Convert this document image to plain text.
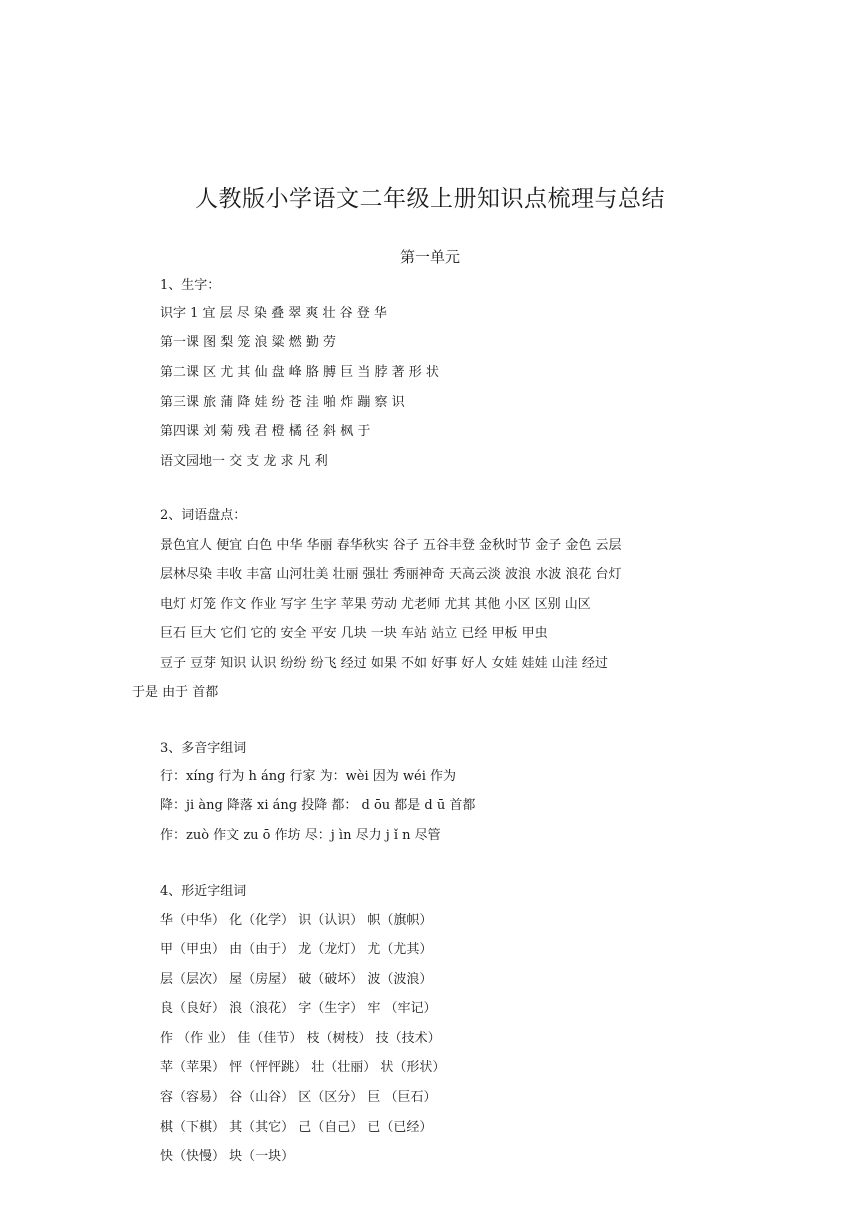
人教版小学语文二年级上册知识点梳理与总结
第一单元
1、生字：
识字 1 宜 层 尽 染 叠 翠 爽 壮 谷 登 华
第一课 图 梨 笼 浪 粱 燃 勤 劳
第二课 区 尤 其 仙 盘 峰 胳 膊 巨 当 脖 著 形 状
第三课 旅 蒲 降 娃 纷 苍 洼 啪 炸 蹦 察 识
第四课 刘 菊 残 君 橙 橘 径 斜 枫 于
语文园地一 交 支 龙 求 凡 利
2、词语盘点：
景色宜人 便宜 白色 中华 华丽 春华秋实 谷子 五谷丰登 金秋时节 金子 金色 云层
层林尽染 丰收 丰富 山河壮美 壮丽 强壮 秀丽神奇 天高云淡 波浪 水波 浪花 台灯
电灯 灯笼 作文 作业 写字 生字 苹果 劳动 尤老师 尤其 其他 小区 区别 山区
巨石 巨大 它们 它的 安全 平安 几块 一块 车站 站立 已经 甲板 甲虫
豆子 豆芽 知识 认识 纷纷 纷飞 经过 如果 不如 好事 好人 女娃 娃娃 山洼 经过
于是 由于 首都
3、多音字组词
行：xíng 行为 h áng 行家 为：wèi 因为 wéi 作为
降：ji àng 降落 xi áng 投降 都： d ōu 都是 d ū 首都
作：zuò 作文 zu ō 作坊 尽：j ìn 尽力 j ǐ n 尽管
4、形近字组词
华（中华） 化（化学） 识（认识） 帜（旗帜）
甲（甲虫） 由（由于） 龙（龙灯） 尤（尤其）
层（层次） 屋（房屋） 破（破坏） 波（波浪）
良（良好） 浪（浪花） 字（生字） 牢 （牢记）
作 （作 业） 佳（佳节） 枝（树枝） 技（技术）
苹（苹果） 怦（怦怦跳） 壮（壮丽） 状（形状）
容（容易） 谷（山谷） 区（区分） 巨 （巨石）
棋（下棋） 其（其它） 己（自己） 已（已经）
快（快慢） 块（一块）
